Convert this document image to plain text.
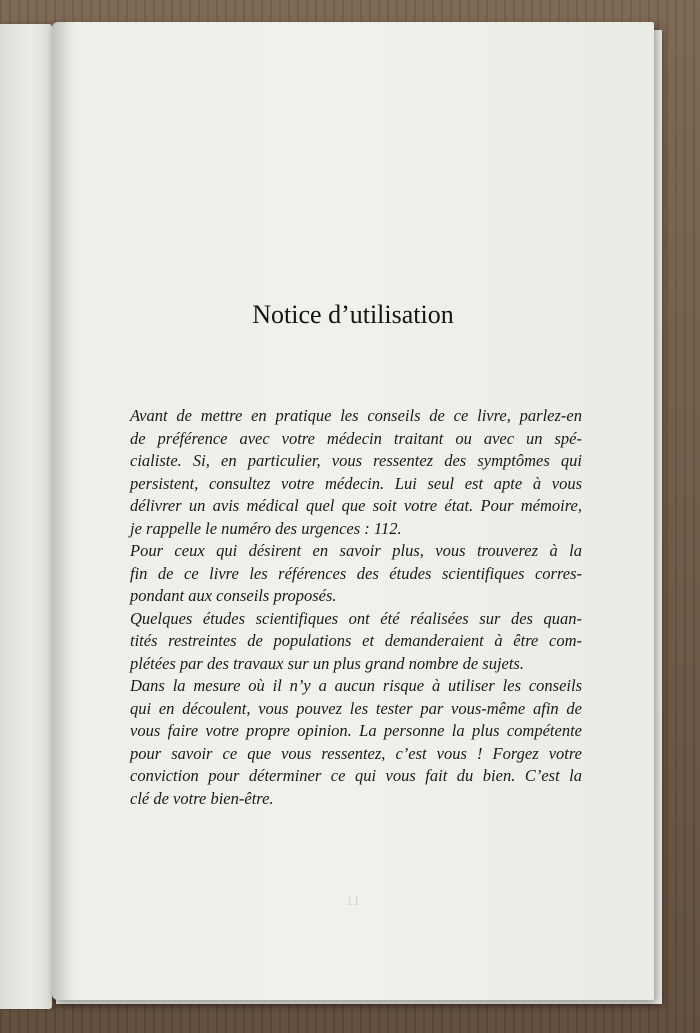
Notice d’utilisation

Avant de mettre en pratique les conseils de ce livre, parlez-en
de préférence avec votre médecin traitant ou avec un spé-
cialiste. Si, en particulier, vous ressentez des symptômes qui
persistent, consultez votre médecin. Lui seul est apte à vous
délivrer un avis médical quel que soit votre état. Pour mémoire,
je rappelle le numéro des urgences : 112.

Pour ceux qui désirent en savoir plus, vous trouverez à la
fin de ce livre les références des études scientifiques corres-
pondant aux conseils proposés.

Quelques études scientifiques ont été réalisées sur des quan-
tités restreintes de populations et demanderaient à être com-
plétées par des travaux sur un plus grand nombre de sujets.

Dans la mesure où il n’y a aucun risque à utiliser les conseils
qui en découlent, vous pouvez les tester par vous-même afin de
vous faire votre propre opinion. La personne la plus compétente
pour savoir ce que vous ressentez, c’est vous ! Forgez votre
conviction pour déterminer ce qui vous fait du bien. C’est la
clé de votre bien-être.

11
